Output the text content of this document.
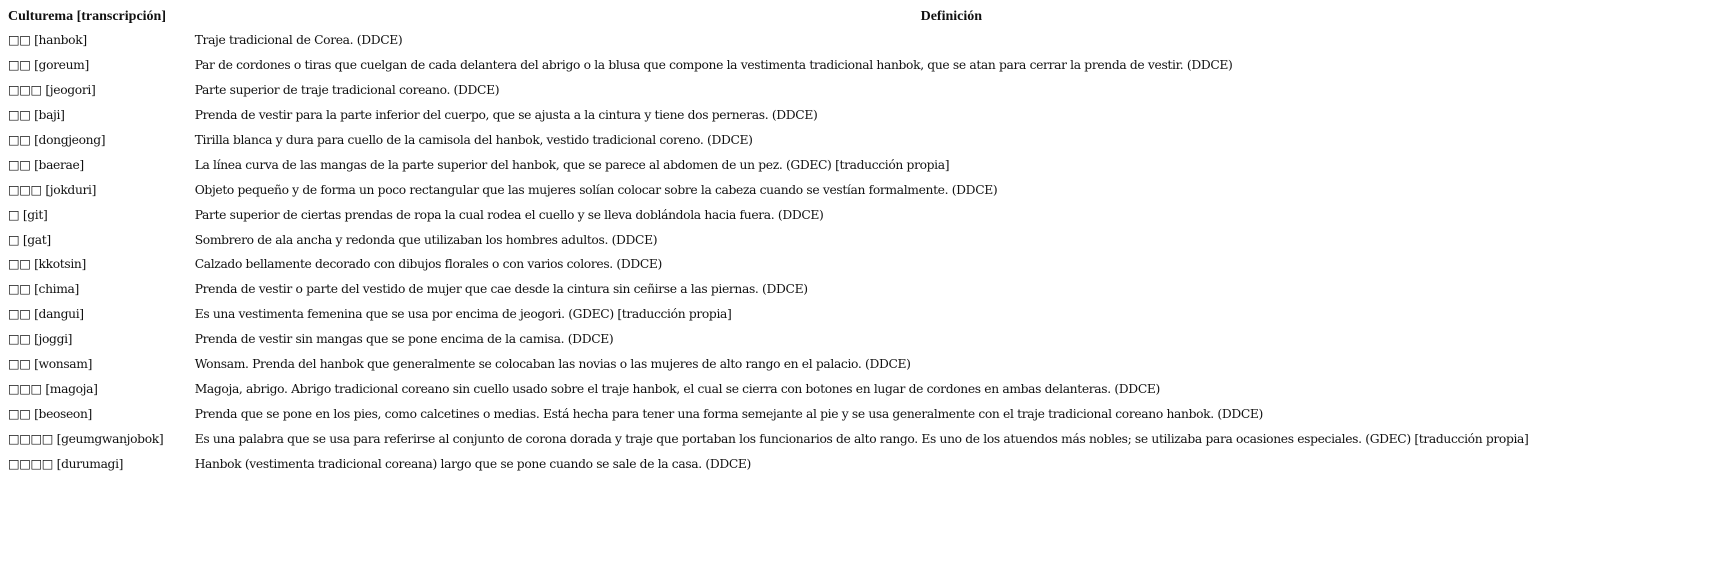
Culturema [transcripción]	Definición
□□ [hanbok]	Traje tradicional de Corea. (DDCE)
□□ [goreum]	Par de cordones o tiras que cuelgan de cada delantera del abrigo o la blusa que compone la vestimenta tradicional hanbok, que se atan para cerrar la prenda de vestir. (DDCE)
□□□ [jeogori]	Parte superior de traje tradicional coreano. (DDCE)
□□ [baji]	Prenda de vestir para la parte inferior del cuerpo, que se ajusta a la cintura y tiene dos perneras. (DDCE)
□□ [dongjeong]	Tirilla blanca y dura para cuello de la camisola del hanbok, vestido tradicional coreno. (DDCE)
□□ [baerae]	La línea curva de las mangas de la parte superior del hanbok, que se parece al abdomen de un pez. (GDEC) [traducción propia]
□□□ [jokduri]	Objeto pequeño y de forma un poco rectangular que las mujeres solían colocar sobre la cabeza cuando se vestían formalmente. (DDCE)
□ [git]	Parte superior de ciertas prendas de ropa la cual rodea el cuello y se lleva doblándola hacia fuera. (DDCE)
□ [gat]	Sombrero de ala ancha y redonda que utilizaban los hombres adultos. (DDCE)
□□ [kkotsin]	Calzado bellamente decorado con dibujos florales o con varios colores. (DDCE)
□□ [chima]	Prenda de vestir o parte del vestido de mujer que cae desde la cintura sin ceñirse a las piernas. (DDCE)
□□ [dangui]	Es una vestimenta femenina que se usa por encima de jeogori. (GDEC) [traducción propia]
□□ [joggi]	Prenda de vestir sin mangas que se pone encima de la camisa. (DDCE)
□□ [wonsam]	Wonsam. Prenda del hanbok que generalmente se colocaban las novias o las mujeres de alto rango en el palacio. (DDCE)
□□□ [magoja]	Magoja, abrigo. Abrigo tradicional coreano sin cuello usado sobre el traje hanbok, el cual se cierra con botones en lugar de cordones en ambas delanteras. (DDCE)
□□ [beoseon]	Prenda que se pone en los pies, como calcetines o medias. Está hecha para tener una forma semejante al pie y se usa generalmente con el traje tradicional coreano hanbok. (DDCE)
□□□□ [geumgwanjobok]	Es una palabra que se usa para referirse al conjunto de corona dorada y traje que portaban los funcionarios de alto rango. Es uno de los atuendos más nobles; se utilizaba para ocasiones especiales. (GDEC) [traducción propia]
□□□□ [durumagi]	Hanbok (vestimenta tradicional coreana) largo que se pone cuando se sale de la casa. (DDCE)
